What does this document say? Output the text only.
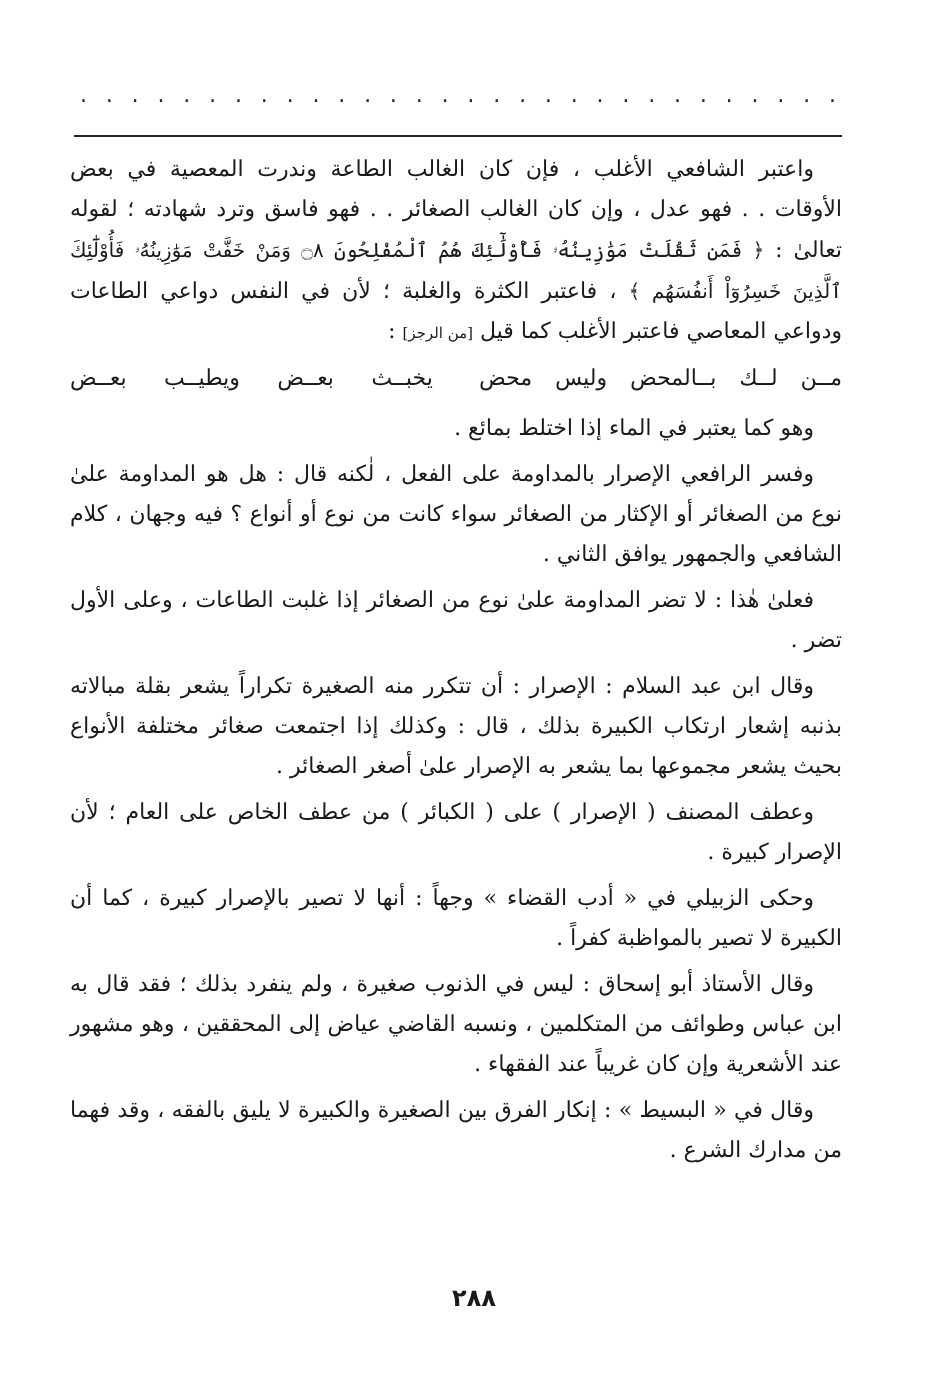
. . . . . . . . . . . . . . . . . . . . . . . . . . . . . .

واعتبر الشافعي الأغلب ، فإن كان الغالب الطاعة وندرت المعصية في بعض الأوقات . . فهو عدل ، وإن كان الغالب الصغائر . . فهو فاسق وترد شهادته ؛ لقوله تعالىٰ : ﴿ فَمَن ثَقُلَتْ مَوَٰزِينُهُۥ فَأُوْلَٰٓئِكَ هُمُ ٱلْمُفْلِحُونَ ۝٨ وَمَنْ خَفَّتْ مَوَٰزِينُهُۥ فَأُوْلَٰٓئِكَ ٱلَّذِينَ خَسِرُوٓاْ أَنفُسَهُم ﴾ ، فاعتبر الكثرة والغلبة ؛ لأن في النفس دواعي الطاعات ودواعي المعاصي فاعتبر الأغلب كما قيل [من الرجز] :

مــن لــك بــالمحض وليس محض
يخبــث بعــض ويطيــب بعــض

وهو كما يعتبر في الماء إذا اختلط بمائع .

وفسر الرافعي الإصرار بالمداومة على الفعل ، لٰكنه قال : هل هو المداومة علىٰ نوع من الصغائر أو الإكثار من الصغائر سواء كانت من نوع أو أنواع ؟ فيه وجهان ، كلام الشافعي والجمهور يوافق الثاني .

فعلىٰ هٰذا : لا تضر المداومة علىٰ نوع من الصغائر إذا غلبت الطاعات ، وعلى الأول تضر .

وقال ابن عبد السلام : الإصرار : أن تتكرر منه الصغيرة تكراراً يشعر بقلة مبالاته بذنبه إشعار ارتكاب الكبيرة بذلك ، قال : وكذلك إذا اجتمعت صغائر مختلفة الأنواع بحيث يشعر مجموعها بما يشعر به الإصرار علىٰ أصغر الصغائر .

وعطف المصنف ( الإصرار ) على ( الكبائر ) من عطف الخاص على العام ؛ لأن الإصرار كبيرة .

وحكى الزبيلي في « أدب القضاء » وجهاً : أنها لا تصير بالإصرار كبيرة ، كما أن الكبيرة لا تصير بالمواظبة كفراً .

وقال الأستاذ أبو إسحاق : ليس في الذنوب صغيرة ، ولم ينفرد بذلك ؛ فقد قال به ابن عباس وطوائف من المتكلمين ، ونسبه القاضي عياض إلى المحققين ، وهو مشهور عند الأشعرية وإن كان غريباً عند الفقهاء .

وقال في « البسيط » : إنكار الفرق بين الصغيرة والكبيرة لا يليق بالفقه ، وقد فهما من مدارك الشرع .

٢٨٨
